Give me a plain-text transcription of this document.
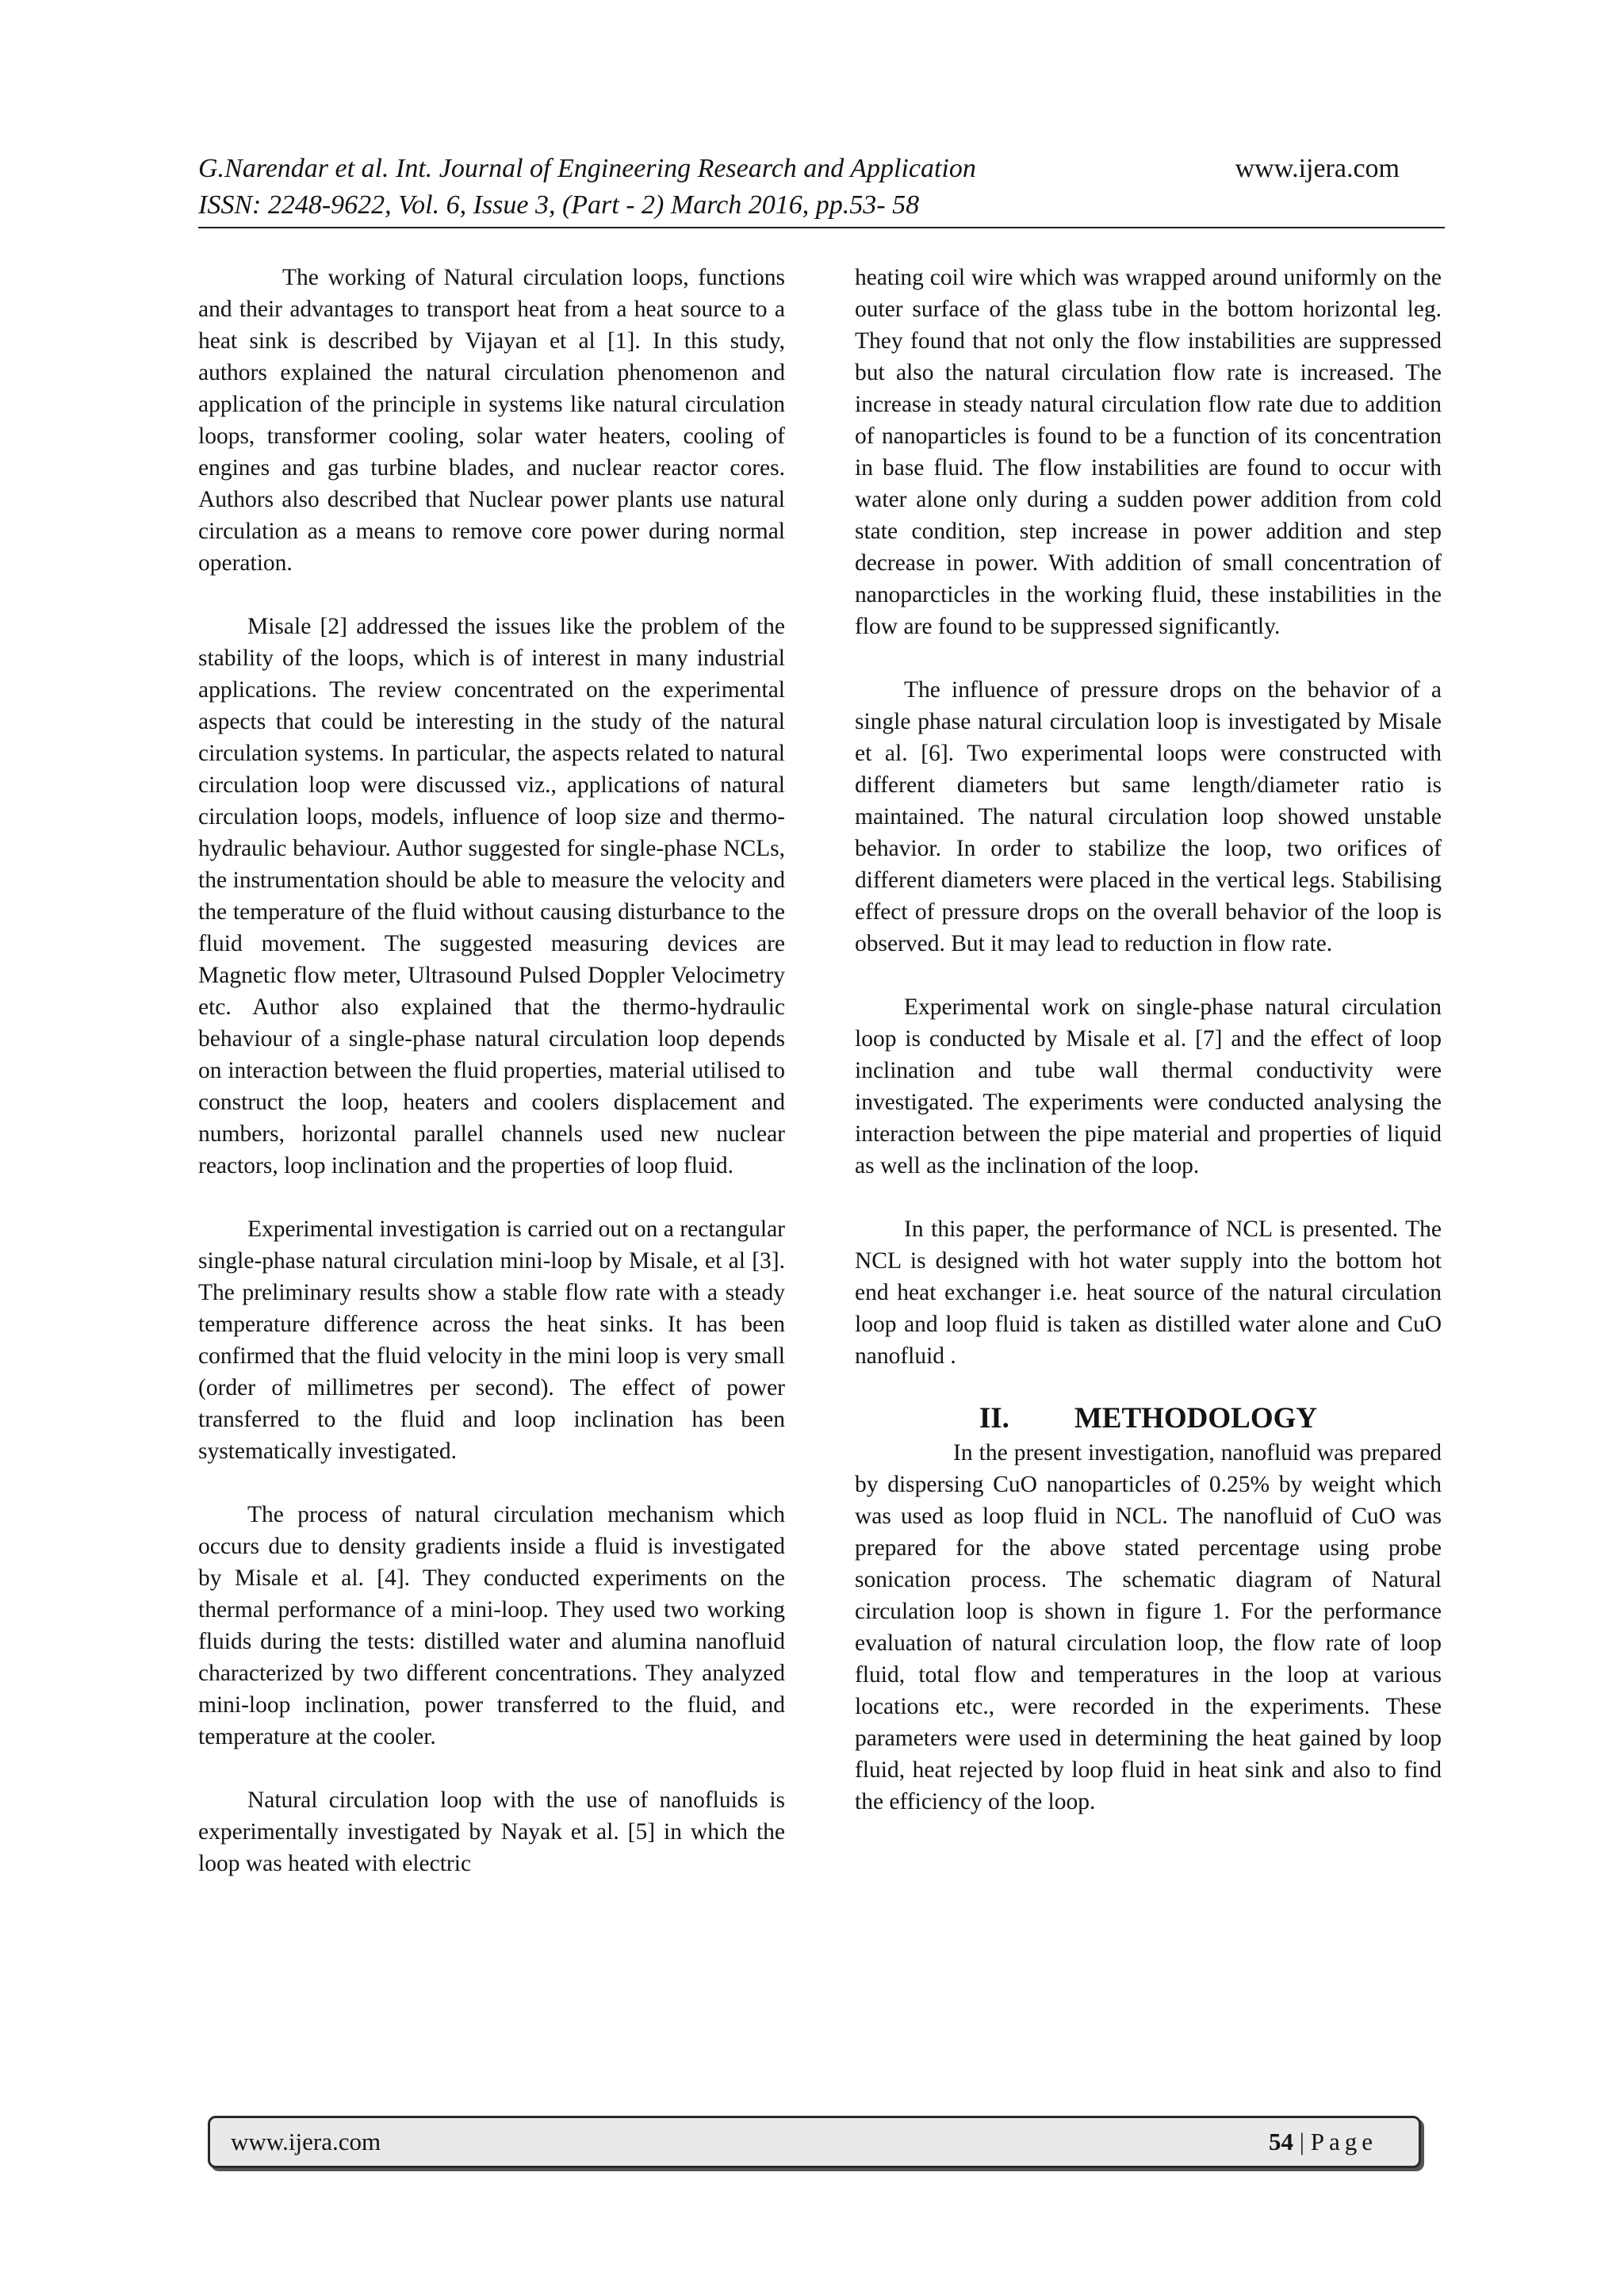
G.Narendar et al. Int. Journal of Engineering Research and Application	www.ijera.com
ISSN: 2248-9622, Vol. 6, Issue 3, (Part - 2) March 2016, pp.53- 58

The working of Natural circulation loops, functions and their advantages to transport heat from a heat source to a heat sink is described by Vijayan et al [1]. In this study, authors explained the natural circulation phenomenon and application of the principle in systems like natural circulation loops, transformer cooling, solar water heaters, cooling of engines and gas turbine blades, and nuclear reactor cores. Authors also described that Nuclear power plants use natural circulation as a means to remove core power during normal operation.

Misale [2] addressed the issues like the problem of the stability of the loops, which is of interest in many industrial applications. The review concentrated on the experimental aspects that could be interesting in the study of the natural circulation systems. In particular, the aspects related to natural circulation loop were discussed viz., applications of natural circulation loops, models, influence of loop size and thermo-hydraulic behaviour. Author suggested for single-phase NCLs, the instrumentation should be able to measure the velocity and the temperature of the fluid without causing disturbance to the fluid movement. The suggested measuring devices are Magnetic flow meter, Ultrasound Pulsed Doppler Velocimetry etc. Author also explained that the thermo-hydraulic behaviour of a single-phase natural circulation loop depends on interaction between the fluid properties, material utilised to construct the loop, heaters and coolers displacement and numbers, horizontal parallel channels used new nuclear reactors, loop inclination and the properties of loop fluid.

Experimental investigation is carried out on a rectangular single-phase natural circulation mini-loop by Misale, et al [3]. The preliminary results show a stable flow rate with a steady temperature difference across the heat sinks. It has been confirmed that the fluid velocity in the mini loop is very small (order of millimetres per second). The effect of power transferred to the fluid and loop inclination has been systematically investigated.

The process of natural circulation mechanism which occurs due to density gradients inside a fluid is investigated by Misale et al. [4]. They conducted experiments on the thermal performance of a mini-loop. They used two working fluids during the tests: distilled water and alumina nanofluid characterized by two different concentrations. They analyzed mini-loop inclination, power transferred to the fluid, and temperature at the cooler.

Natural circulation loop with the use of nanofluids is experimentally investigated by Nayak et al. [5] in which the loop was heated with electric

heating coil wire which was wrapped around uniformly on the outer surface of the glass tube in the bottom horizontal leg. They found that not only the flow instabilities are suppressed but also the natural circulation flow rate is increased. The increase in steady natural circulation flow rate due to addition of nanoparticles is found to be a function of its concentration in base fluid. The flow instabilities are found to occur with water alone only during a sudden power addition from cold state condition, step increase in power addition and step decrease in power. With addition of small concentration of nanoparcticles in the working fluid, these instabilities in the flow are found to be suppressed significantly.

The influence of pressure drops on the behavior of a single phase natural circulation loop is investigated by Misale et al. [6]. Two experimental loops were constructed with different diameters but same length/diameter ratio is maintained. The natural circulation loop showed unstable behavior. In order to stabilize the loop, two orifices of different diameters were placed in the vertical legs. Stabilising effect of pressure drops on the overall behavior of the loop is observed. But it may lead to reduction in flow rate.

Experimental work on single-phase natural circulation loop is conducted by Misale et al. [7] and the effect of loop inclination and tube wall thermal conductivity were investigated. The experiments were conducted analysing the interaction between the pipe material and properties of liquid as well as the inclination of the loop.

In this paper, the performance of NCL is presented. The NCL is designed with hot water supply into the bottom hot end heat exchanger i.e. heat source of the natural circulation loop and loop fluid is taken as distilled water alone and CuO nanofluid .

II. METHODOLOGY

In the present investigation, nanofluid was prepared by dispersing CuO nanoparticles of 0.25% by weight which was used as loop fluid in NCL. The nanofluid of CuO was prepared for the above stated percentage using probe sonication process. The schematic diagram of Natural circulation loop is shown in figure 1. For the performance evaluation of natural circulation loop, the flow rate of loop fluid, total flow and temperatures in the loop at various locations etc., were recorded in the experiments. These parameters were used in determining the heat gained by loop fluid, heat rejected by loop fluid in heat sink and also to find the efficiency of the loop.

www.ijera.com	54 | Page
